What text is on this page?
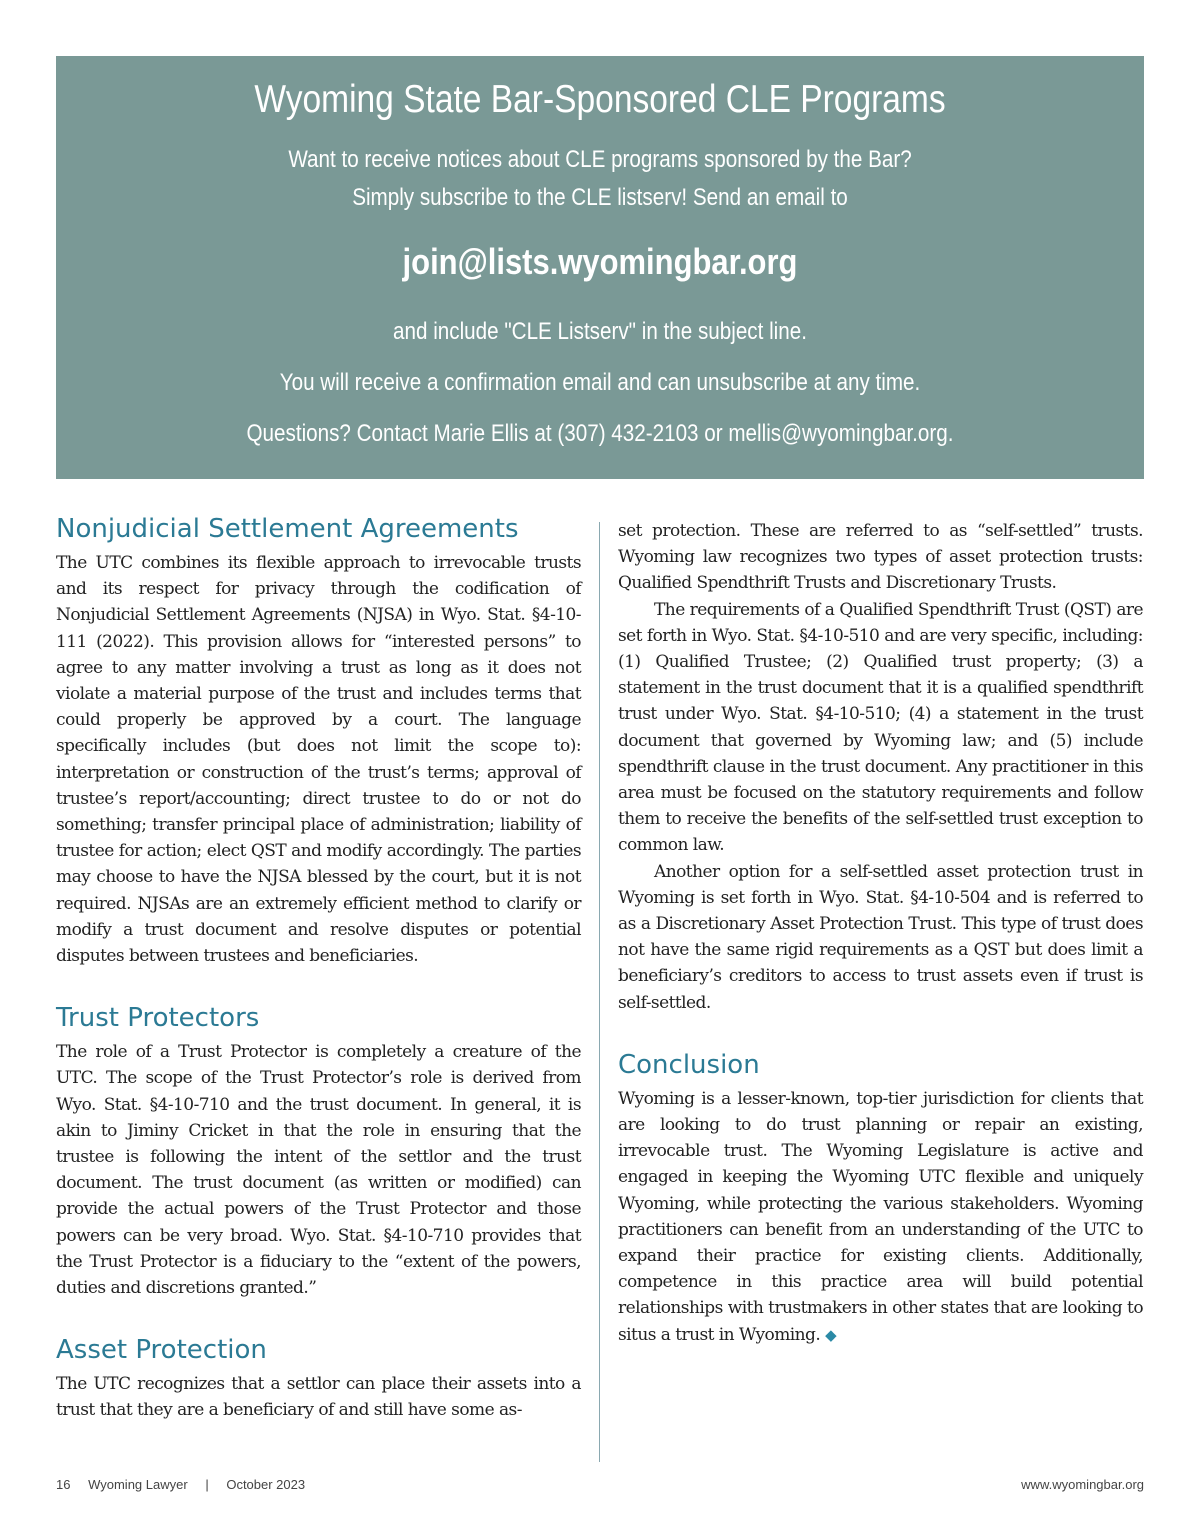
Wyoming State Bar-Sponsored CLE Programs
Want to receive notices about CLE programs sponsored by the Bar?
Simply subscribe to the CLE listserv! Send an email to
join@lists.wyomingbar.org
and include "CLE Listserv" in the subject line.
You will receive a confirmation email and can unsubscribe at any time.
Questions? Contact Marie Ellis at (307) 432-2103 or mellis@wyomingbar.org.
Nonjudicial Settlement Agreements

The UTC combines its flexible approach to irrevocable trusts and its respect for privacy through the codification of Nonjudicial Settlement Agreements (NJSA) in Wyo. Stat. §4-10-111 (2022). This provision allows for “interested persons” to agree to any matter involving a trust as long as it does not violate a material purpose of the trust and includes terms that could properly be approved by a court. The language specifically includes (but does not limit the scope to): interpretation or construction of the trust’s terms; approval of trustee’s report/accounting; direct trustee to do or not do something; transfer principal place of administration; liability of trustee for action; elect QST and modify accordingly. The parties may choose to have the NJSA blessed by the court, but it is not required. NJSAs are an extremely efficient method to clarify or modify a trust document and resolve disputes or potential disputes between trustees and beneficiaries.

Trust Protectors

The role of a Trust Protector is completely a creature of the UTC. The scope of the Trust Protector’s role is derived from Wyo. Stat. §4-10-710 and the trust document. In general, it is akin to Jiminy Cricket in that the role in ensuring that the trustee is following the intent of the settlor and the trust document. The trust document (as written or modified) can provide the actual powers of the Trust Protector and those powers can be very broad. Wyo. Stat. §4-10-710 provides that the Trust Protector is a fiduciary to the “extent of the powers, duties and discretions granted.”

Asset Protection

The UTC recognizes that a settlor can place their assets into a trust that they are a beneficiary of and still have some as-

set protection. These are referred to as “self-settled” trusts. Wyoming law recognizes two types of asset protection trusts: Qualified Spendthrift Trusts and Discretionary Trusts.

The requirements of a Qualified Spendthrift Trust (QST) are set forth in Wyo. Stat. §4-10-510 and are very specific, including: (1) Qualified Trustee; (2) Qualified trust property; (3) a statement in the trust document that it is a qualified spendthrift trust under Wyo. Stat. §4-10-510; (4) a statement in the trust document that governed by Wyoming law; and (5) include spendthrift clause in the trust document. Any practitioner in this area must be focused on the statutory requirements and follow them to receive the benefits of the self-settled trust exception to common law.

Another option for a self-settled asset protection trust in Wyoming is set forth in Wyo. Stat. §4-10-504 and is referred to as a Discretionary Asset Protection Trust. This type of trust does not have the same rigid requirements as a QST but does limit a beneficiary’s creditors to access to trust assets even if trust is self-settled.

Conclusion

Wyoming is a lesser-known, top-tier jurisdiction for clients that are looking to do trust planning or repair an existing, irrevocable trust. The Wyoming Legislature is active and engaged in keeping the Wyoming UTC flexible and uniquely Wyoming, while protecting the various stakeholders. Wyoming practitioners can benefit from an understanding of the UTC to expand their practice for existing clients. Additionally, competence in this practice area will build potential relationships with trustmakers in other states that are looking to situs a trust in Wyoming. ◆

16 Wyoming Lawyer | October 2023	www.wyomingbar.org
